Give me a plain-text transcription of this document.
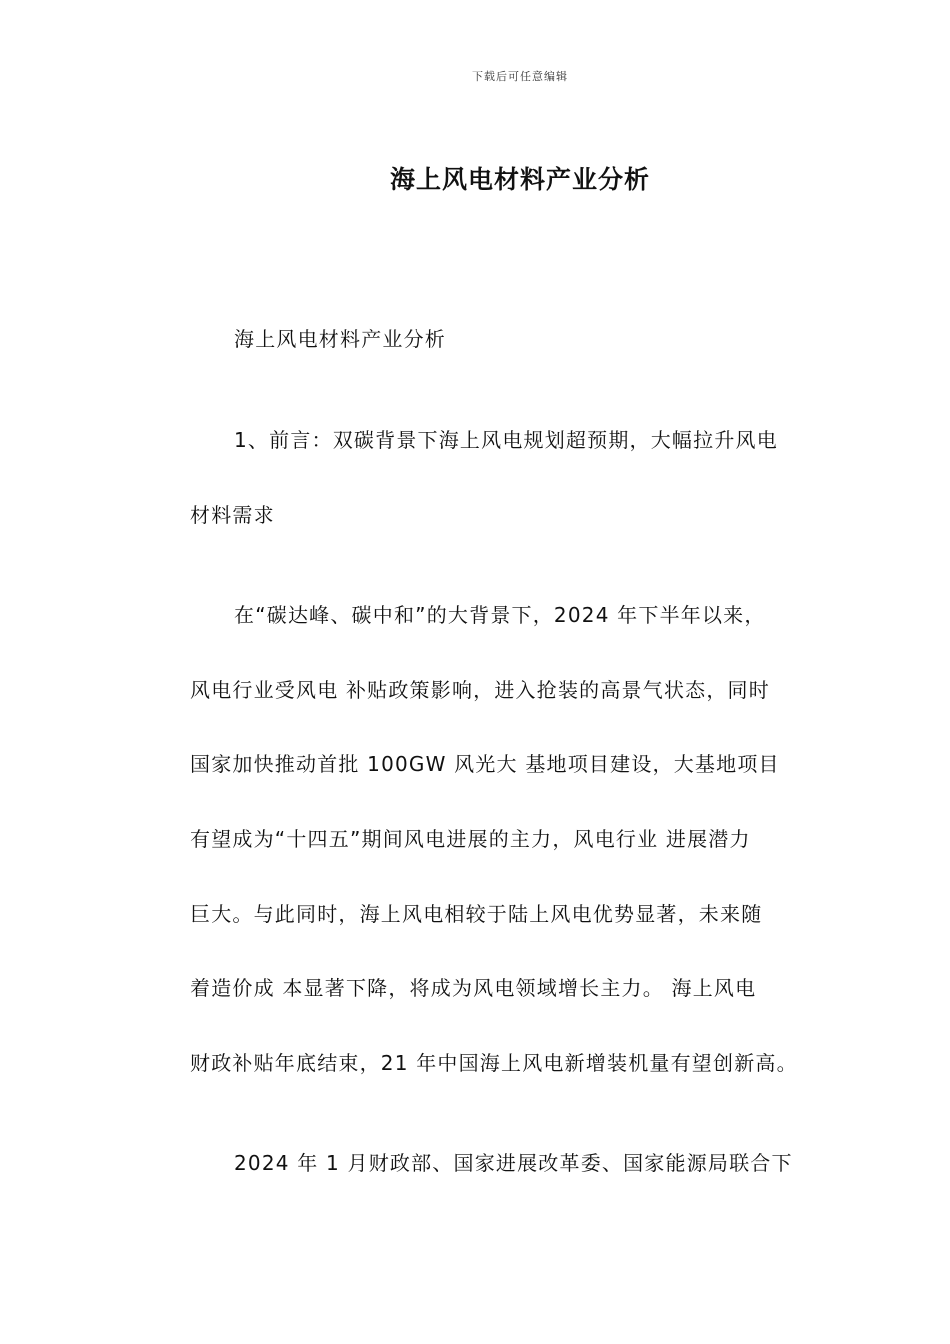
下载后可任意编辑
海上风电材料产业分析
海上风电材料产业分析
1、前言：双碳背景下海上风电规划超预期，大幅拉升风电
材料需求
在“碳达峰、碳中和”的大背景下，2024 年下半年以来，
风电行业受风电 补贴政策影响，进入抢装的高景气状态，同时
国家加快推动首批 100GW 风光大 基地项目建设，大基地项目
有望成为“十四五”期间风电进展的主力，风电行业 进展潜力
巨大。与此同时，海上风电相较于陆上风电优势显著，未来随
着造价成 本显著下降，将成为风电领域增长主力。 海上风电
财政补贴年底结束，21 年中国海上风电新增装机量有望创新高。
2024 年 1 月财政部、国家进展改革委、国家能源局联合下
